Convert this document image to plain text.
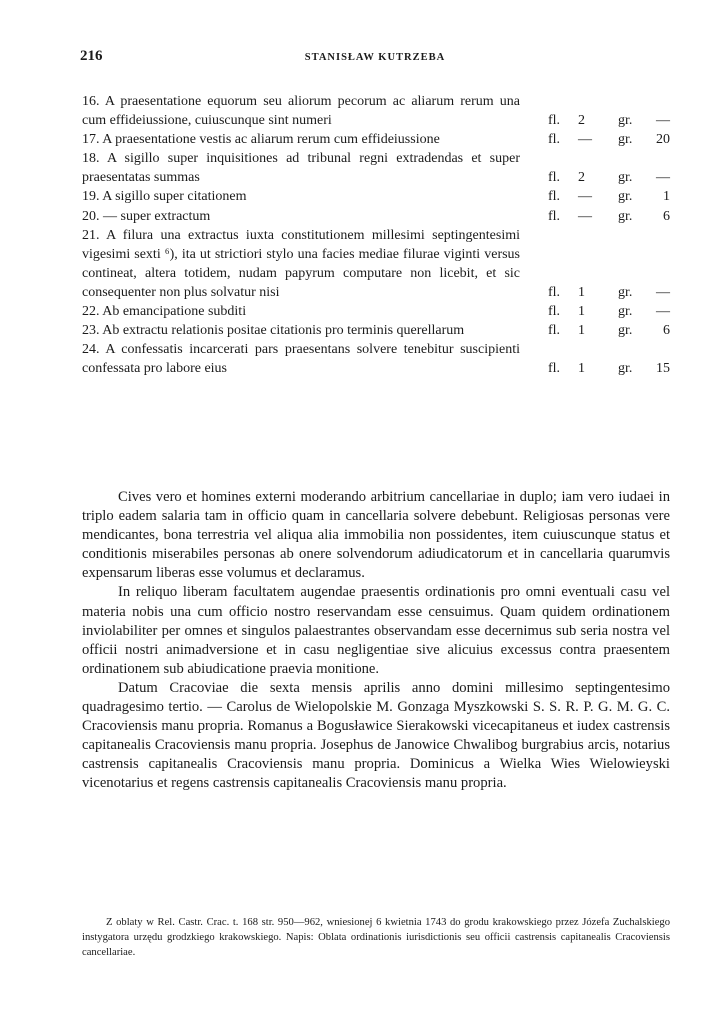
216	STANISŁAW KUTRZEBA
16. A praesentatione equorum seu aliorum pecorum ac aliarum rerum una cum effideiussione, cuiusc​unque sint numeri	fl.	2	gr.	—
17. A praesentatione vestis ac aliarum rerum cum effideiussione	fl.	—	gr.	20
18. A sigillo super inquisitiones ad tribunal regni extradendas et super praesentatas summas	fl.	2	gr.	—
19. A sigillo super citationem	fl.	—	gr.	1
20. — super extractum	fl.	—	gr.	6
21. A filura una extractus iuxta constitutionem millesimi septingentesimi vigesimi sexti ⁶), ita ut strictiori stylo una facies mediae filurae viginti versus contineat, altera totidem, nudam papyrum computare non licebit, et sic consequenter non plus solvatur nisi	fl.	1	gr.	—
22. Ab emancipatione subditi	fl.	1	gr.	—
23. Ab extractu relationis positae citationis pro terminis querellarum	fl.	1	gr.	6
24. A confessatis incarcerati pars praesentans solvere tenebitur suscipienti confessata pro labore eius	fl.	1	gr.	15

Cives vero et homines externi moderando arbitrium cancellariae in duplo; iam vero iudaei in triplo eadem salaria tam in officio quam in cancellaria solvere debebunt. Religiosas personas vere mendicantes, bona terrestria vel aliqua alia immobilia non possidentes, item cuiuscunque status et conditionis miserabiles personas ab onere solvendorum adiudicatorum et in cancellaria quarumvis expensarum liberas esse volumus et declaramus.

In reliquo liberam facultatem augendae praesentis ordinationis pro omni eventuali casu vel materia nobis una cum officio nostro reservandam esse censuimus. Quam quidem ordinationem inviolabiliter per omnes et singulos palaestrantes observandam esse decernimus sub seria nostra vel officii nostri animadversione et in casu negligentiae sive alicuius excessus contra praesentem ordinationem sub abiudicatione praevia monitione.

Datum Cracoviae die sexta mensis aprilis anno domini millesimo septingentesimo quadragesimo tertio. — Carolus de Wielopolskie M. Gonzaga Myszkowski S. S. R. P. G. M. G. C. Cracoviensis manu propria. Romanus a Bogusławice Sierakowski vicecapitaneus et iudex castrensis capitanealis Cracoviensis manu propria. Josephus de Janowice Chwalibog burgrabius arcis, notarius castrensis capitanealis Cracoviensis manu propria. Dominicus a Wielka Wies Wielowieyski vicenotarius et regens castrensis capitanealis Cracoviensis manu propria.

Z oblaty w Rel. Castr. Crac. t. 168 str. 950—962, wniesionej 6 kwietnia 1743 do grodu krakowskiego przez Józefa Zuchalskiego instygatora urzędu grodzkiego krakowskiego. Napis: Oblata ordinationis iurisdictionis seu officii castrensis capitanealis Cracoviensis cancellariae.
